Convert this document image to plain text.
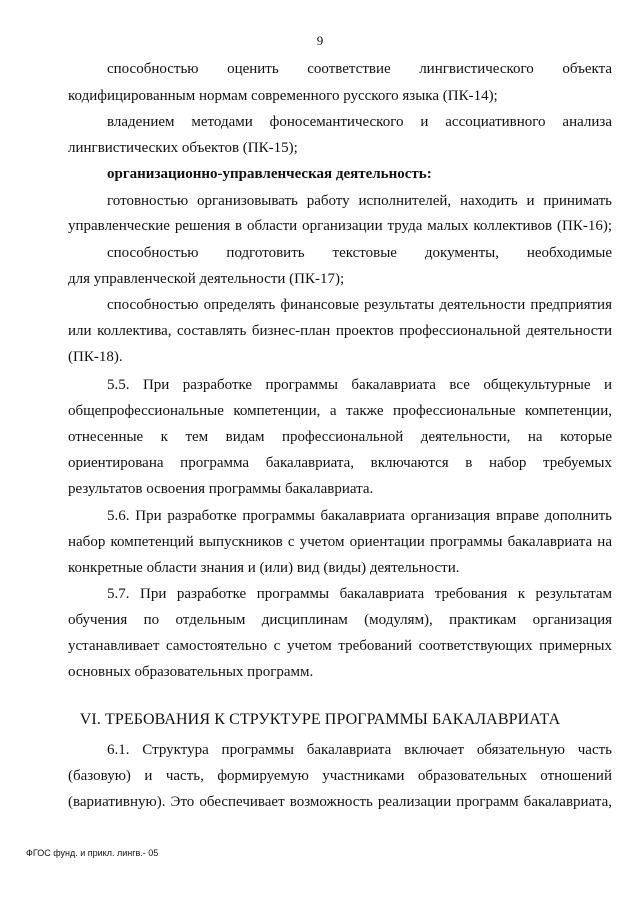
9
способностью оценить соответствие лингвистического объекта
кодифицированным нормам современного русского языка (ПК-14);
владением методами фоносемантического и ассоциативного анализа
лингвистических объектов (ПК-15);
организационно-управленческая деятельность:
готовностью организовывать работу исполнителей, находить и принимать
управленческие решения в области организации труда малых коллективов (ПК-16);
способностью подготовить текстовые документы, необходимые
для управленческой деятельности (ПК-17);
способностью определять финансовые результаты деятельности предприятия
или коллектива, составлять бизнес-план проектов профессиональной деятельности
(ПК-18).
5.5. При разработке программы бакалавриата все общекультурные и
общепрофессиональные компетенции, а также профессиональные компетенции,
отнесенные к тем видам профессиональной деятельности, на которые
ориентирована программа бакалавриата, включаются в набор требуемых
результатов освоения программы бакалавриата.
5.6. При разработке программы бакалавриата организация вправе дополнить
набор компетенций выпускников с учетом ориентации программы бакалавриата на
конкретные области знания и (или) вид (виды) деятельности.
5.7. При разработке программы бакалавриата требования к результатам
обучения по отдельным дисциплинам (модулям), практикам организация
устанавливает самостоятельно с учетом требований соответствующих примерных
основных образовательных программ.
VI. ТРЕБОВАНИЯ К СТРУКТУРЕ ПРОГРАММЫ БАКАЛАВРИАТА
6.1. Структура программы бакалавриата включает обязательную часть
(базовую) и часть, формируемую участниками образовательных отношений
(вариативную). Это обеспечивает возможность реализации программ бакалавриата,
ФГОС фунд. и прикл. лингв.- 05
